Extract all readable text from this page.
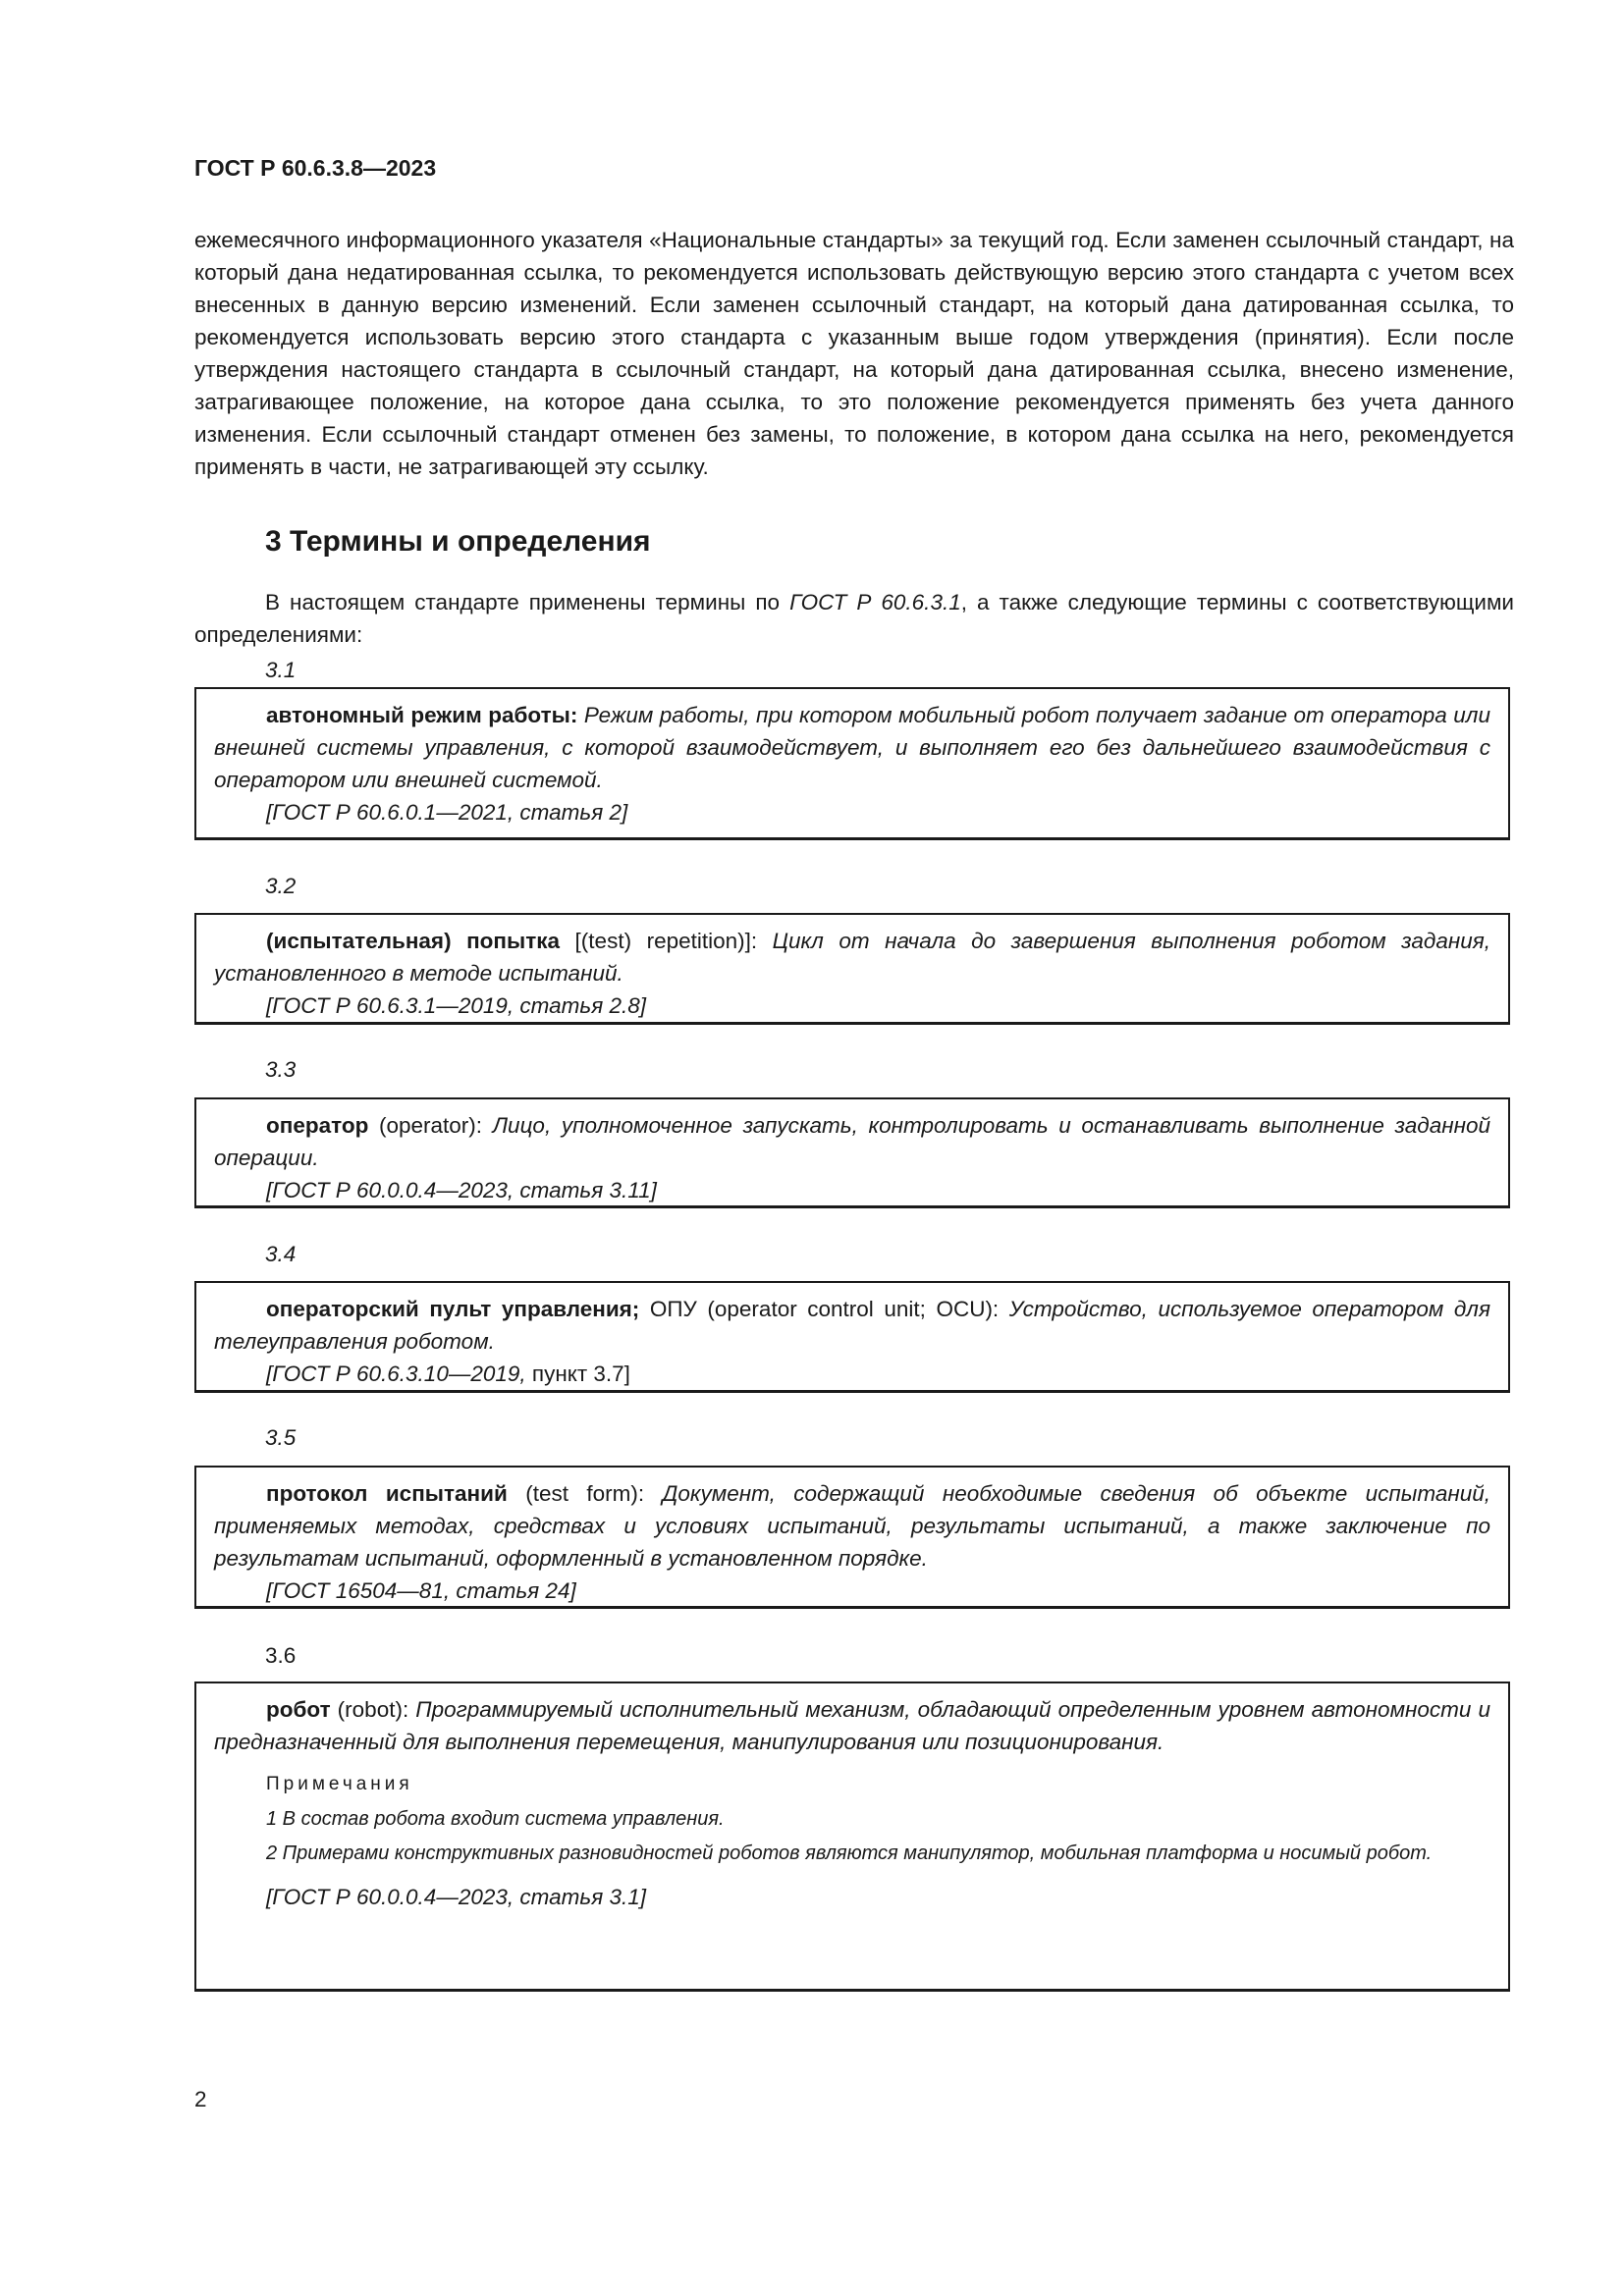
ГОСТ Р 60.6.3.8—2023
ежемесячного информационного указателя «Национальные стандарты» за текущий год. Если заменен ссылочный стандарт, на который дана недатированная ссылка, то рекомендуется использовать действующую версию этого стандарта с учетом всех внесенных в данную версию изменений. Если заменен ссылочный стандарт, на который дана датированная ссылка, то рекомендуется использовать версию этого стандарта с указанным выше годом утверждения (принятия). Если после утверждения настоящего стандарта в ссылочный стандарт, на который дана датированная ссылка, внесено изменение, затрагивающее положение, на которое дана ссылка, то это положение рекомендуется применять без учета данного изменения. Если ссылочный стандарт отменен без замены, то положение, в котором дана ссылка на него, рекомендуется применять в части, не затрагивающей эту ссылку.
3 Термины и определения
В настоящем стандарте применены термины по ГОСТ Р 60.6.3.1, а также следующие термины с соответствующими определениями:
3.1

автономный режим работы: Режим работы, при котором мобильный робот получает задание от оператора или внешней системы управления, с которой взаимодействует, и выполняет его без дальнейшего взаимодействия с оператором или внешней системой.

[ГОСТ Р 60.6.0.1—2021, статья 2]

3.2

(испытательная) попытка [(test) repetition)]: Цикл от начала до завершения выполнения роботом задания, установленного в методе испытаний.

[ГОСТ Р 60.6.3.1—2019, статья 2.8]

3.3

оператор (operator): Лицо, уполномоченное запускать, контролировать и останавливать выполнение заданной операции.

[ГОСТ Р 60.0.0.4—2023, статья 3.11]

3.4

операторский пульт управления; ОПУ (operator control unit; OCU): Устройство, используемое оператором для телеуправления роботом.

[ГОСТ Р 60.6.3.10—2019, пункт 3.7]

3.5

протокол испытаний (test form): Документ, содержащий необходимые сведения об объекте испытаний, применяемых методах, средствах и условиях испытаний, результаты испытаний, а также заключение по результатам испытаний, оформленный в установленном порядке.

[ГОСТ 16504—81, статья 24]

3.6

робот (robot): Программируемый исполнительный механизм, обладающий определенным уровнем автономности и предназначенный для выполнения перемещения, манипулирования или позиционирования.

Примечания

1 В состав робота входит система управления.

2 Примерами конструктивных разновидностей роботов являются манипулятор, мобильная платформа и носимый робот.

[ГОСТ Р 60.0.0.4—2023, статья 3.1]

2
